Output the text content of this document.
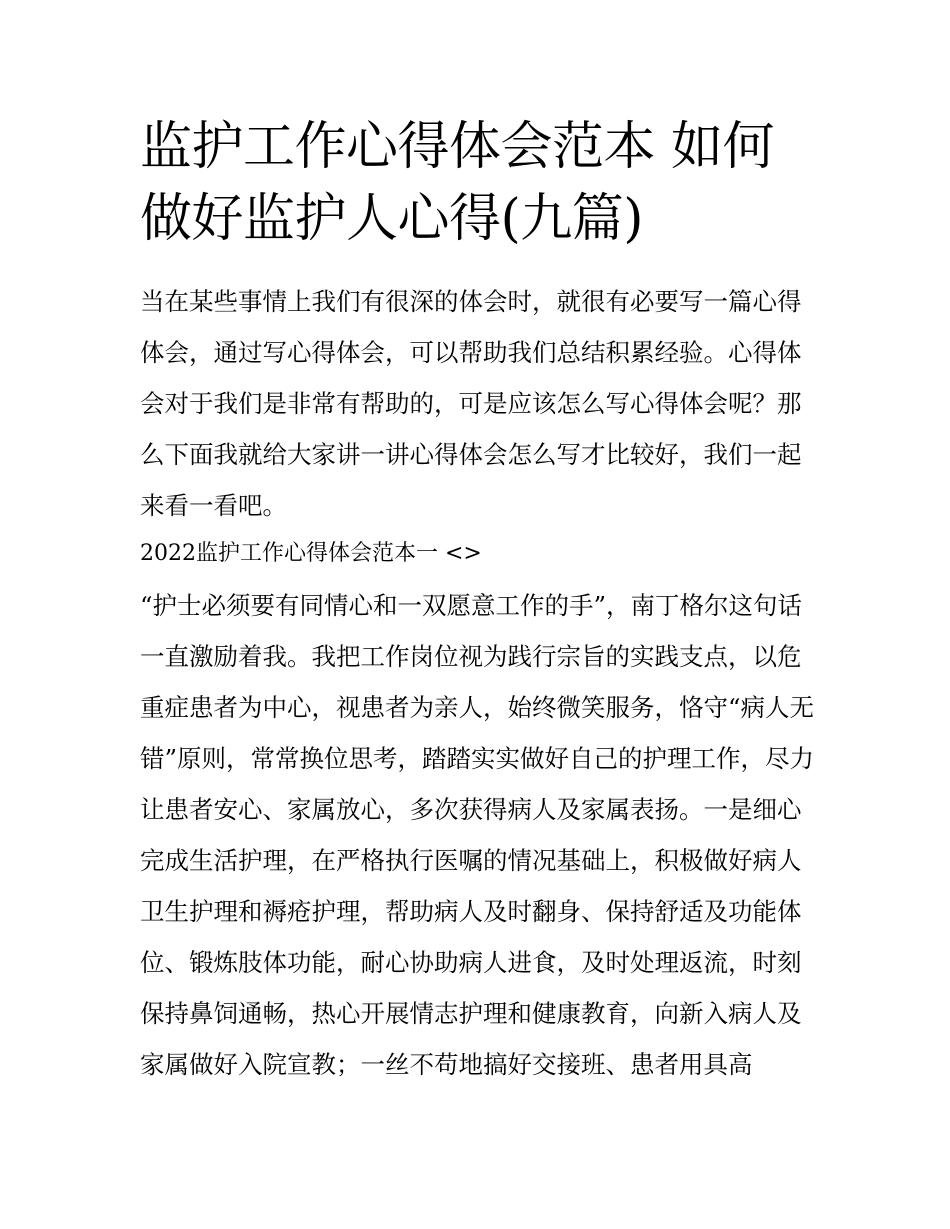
监护工作心得体会范本 如何做好监护人心得(九篇)

当在某些事情上我们有很深的体会时，就很有必要写一篇心得体会，通过写心得体会，可以帮助我们总结积累经验。心得体会对于我们是非常有帮助的，可是应该怎么写心得体会呢？那么下面我就给大家讲一讲心得体会怎么写才比较好，我们一起来看一看吧。

2022监护工作心得体会范本一 <>

“护士必须要有同情心和一双愿意工作的手”，南丁格尔这句话一直激励着我。我把工作岗位视为践行宗旨的实践支点，以危重症患者为中心，视患者为亲人，始终微笑服务，恪守“病人无错”原则，常常换位思考，踏踏实实做好自己的护理工作，尽力让患者安心、家属放心，多次获得病人及家属表扬。一是细心完成生活护理，在严格执行医嘱的情况基础上，积极做好病人卫生护理和褥疮护理，帮助病人及时翻身、保持舒适及功能体位、锻炼肢体功能，耐心协助病人进食，及时处理返流，时刻保持鼻饲通畅，热心开展情志护理和健康教育，向新入病人及家属做好入院宣教；一丝不苟地搞好交接班、患者用具高
